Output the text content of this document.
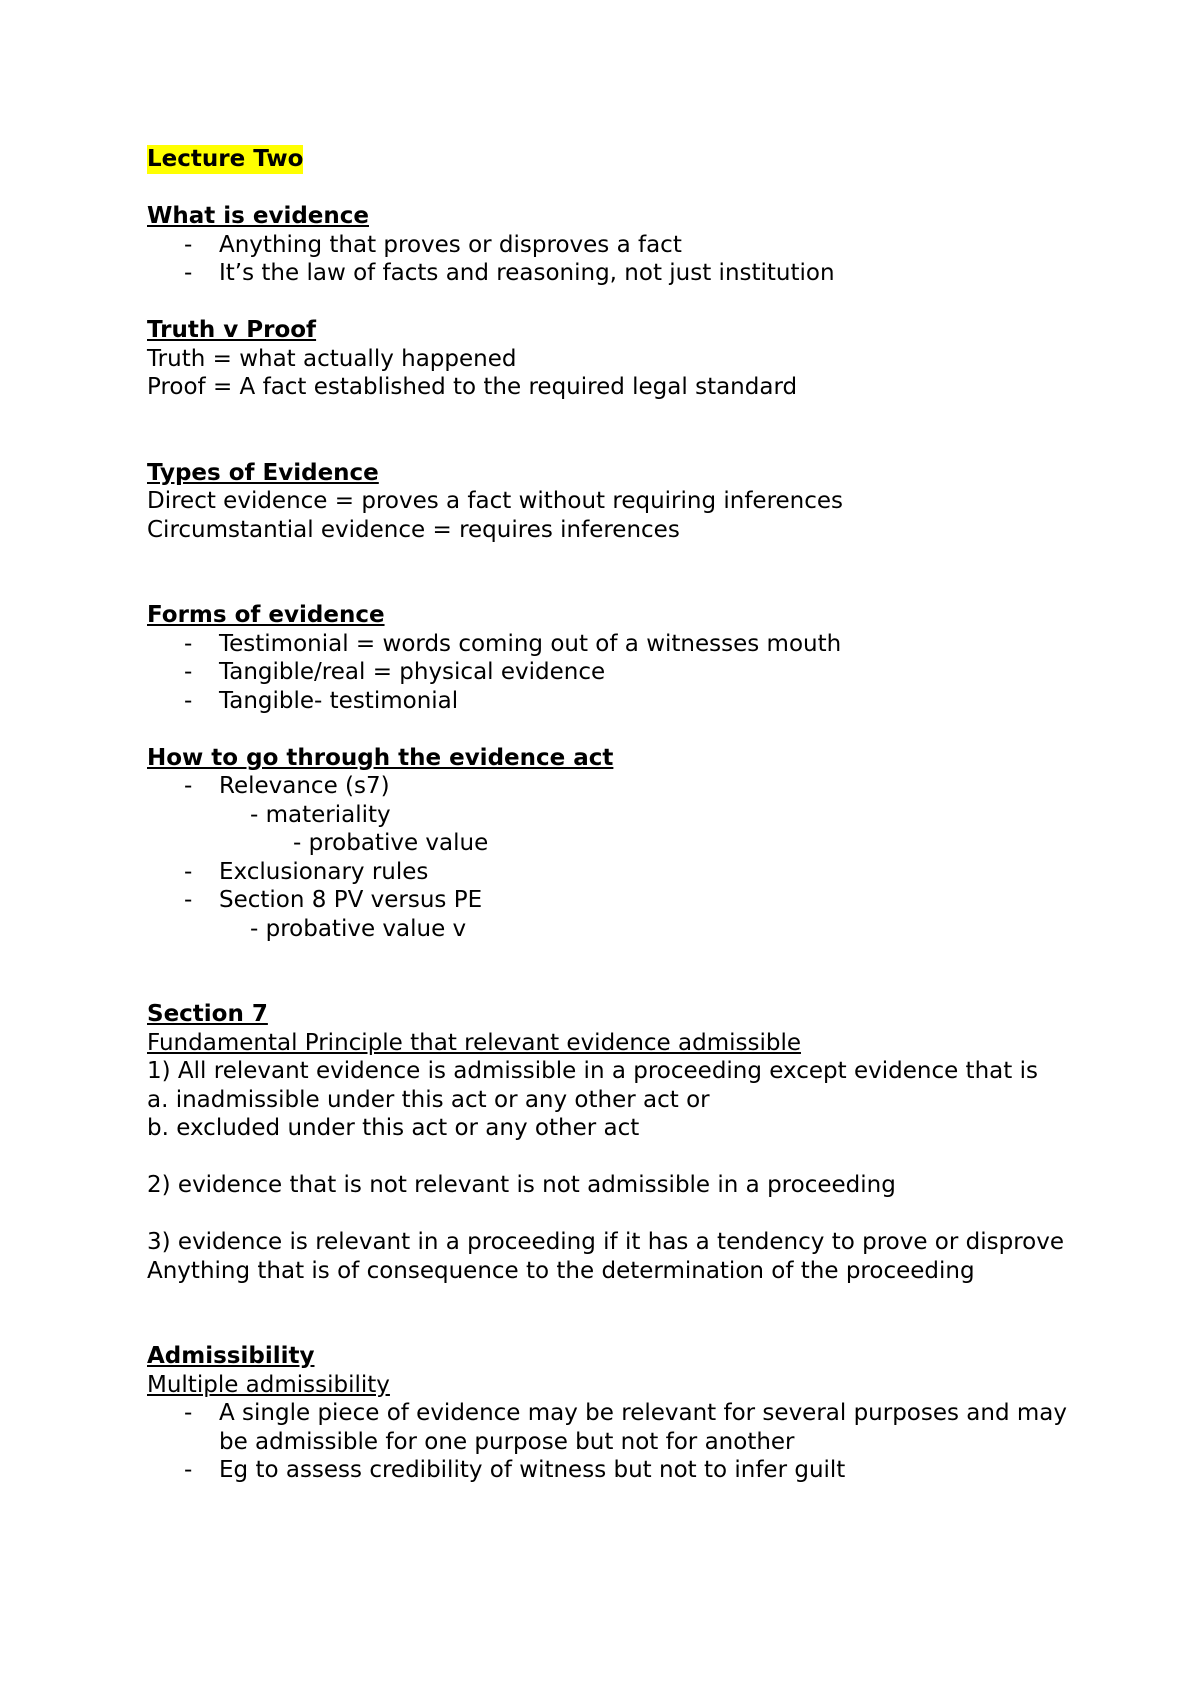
Lecture Two
What is evidence
- Anything that proves or disproves a fact
- It’s the law of facts and reasoning, not just institution
Truth v Proof
Truth = what actually happened
Proof = A fact established to the required legal standard
Types of Evidence
Direct evidence = proves a fact without requiring inferences
Circumstantial evidence = requires inferences
Forms of evidence
- Testimonial = words coming out of a witnesses mouth
- Tangible/real = physical evidence
- Tangible- testimonial
How to go through the evidence act
- Relevance (s7)
- materiality
- probative value
- Exclusionary rules
- Section 8 PV versus PE
- probative value v
Section 7
Fundamental Principle that relevant evidence admissible
1) All relevant evidence is admissible in a proceeding except evidence that is
a. inadmissible under this act or any other act or
b. excluded under this act or any other act
2) evidence that is not relevant is not admissible in a proceeding
3) evidence is relevant in a proceeding if it has a tendency to prove or disprove
Anything that is of consequence to the determination of the proceeding
Admissibility
Multiple admissibility
- A single piece of evidence may be relevant for several purposes and may be admissible for one purpose but not for another
- Eg to assess credibility of witness but not to infer guilt
